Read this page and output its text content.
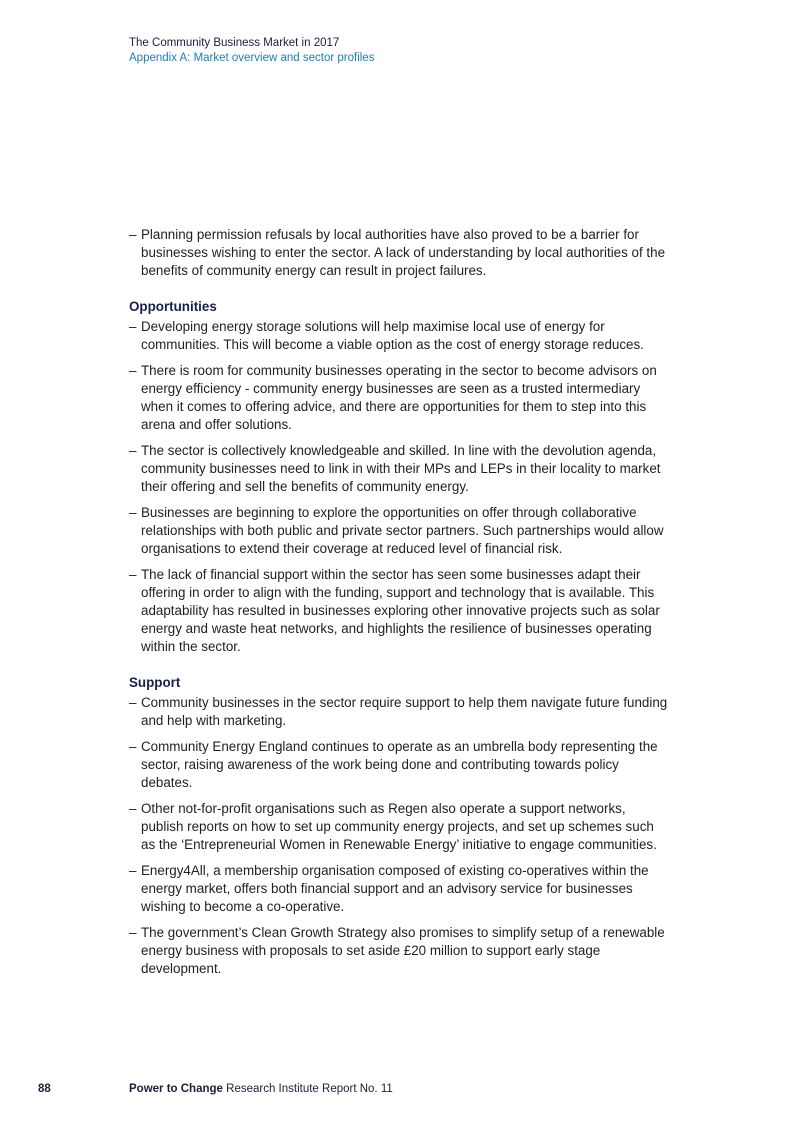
The Community Business Market in 2017
Appendix A: Market overview and sector profiles
– Planning permission refusals by local authorities have also proved to be a barrier for businesses wishing to enter the sector. A lack of understanding by local authorities of the benefits of community energy can result in project failures.
Opportunities
– Developing energy storage solutions will help maximise local use of energy for communities. This will become a viable option as the cost of energy storage reduces.
– There is room for community businesses operating in the sector to become advisors on energy efficiency - community energy businesses are seen as a trusted intermediary when it comes to offering advice, and there are opportunities for them to step into this arena and offer solutions.
– The sector is collectively knowledgeable and skilled. In line with the devolution agenda, community businesses need to link in with their MPs and LEPs in their locality to market their offering and sell the benefits of community energy.
– Businesses are beginning to explore the opportunities on offer through collaborative relationships with both public and private sector partners. Such partnerships would allow organisations to extend their coverage at reduced level of financial risk.
– The lack of financial support within the sector has seen some businesses adapt their offering in order to align with the funding, support and technology that is available. This adaptability has resulted in businesses exploring other innovative projects such as solar energy and waste heat networks, and highlights the resilience of businesses operating within the sector.
Support
– Community businesses in the sector require support to help them navigate future funding and help with marketing.
– Community Energy England continues to operate as an umbrella body representing the sector, raising awareness of the work being done and contributing towards policy debates.
– Other not-for-profit organisations such as Regen also operate a support networks, publish reports on how to set up community energy projects, and set up schemes such as the ‘Entrepreneurial Women in Renewable Energy’ initiative to engage communities.
– Energy4All, a membership organisation composed of existing co-operatives within the energy market, offers both financial support and an advisory service for businesses wishing to become a co-operative.
– The government’s Clean Growth Strategy also promises to simplify setup of a renewable energy business with proposals to set aside £20 million to support early stage development.
88	Power to Change Research Institute Report No. 11
